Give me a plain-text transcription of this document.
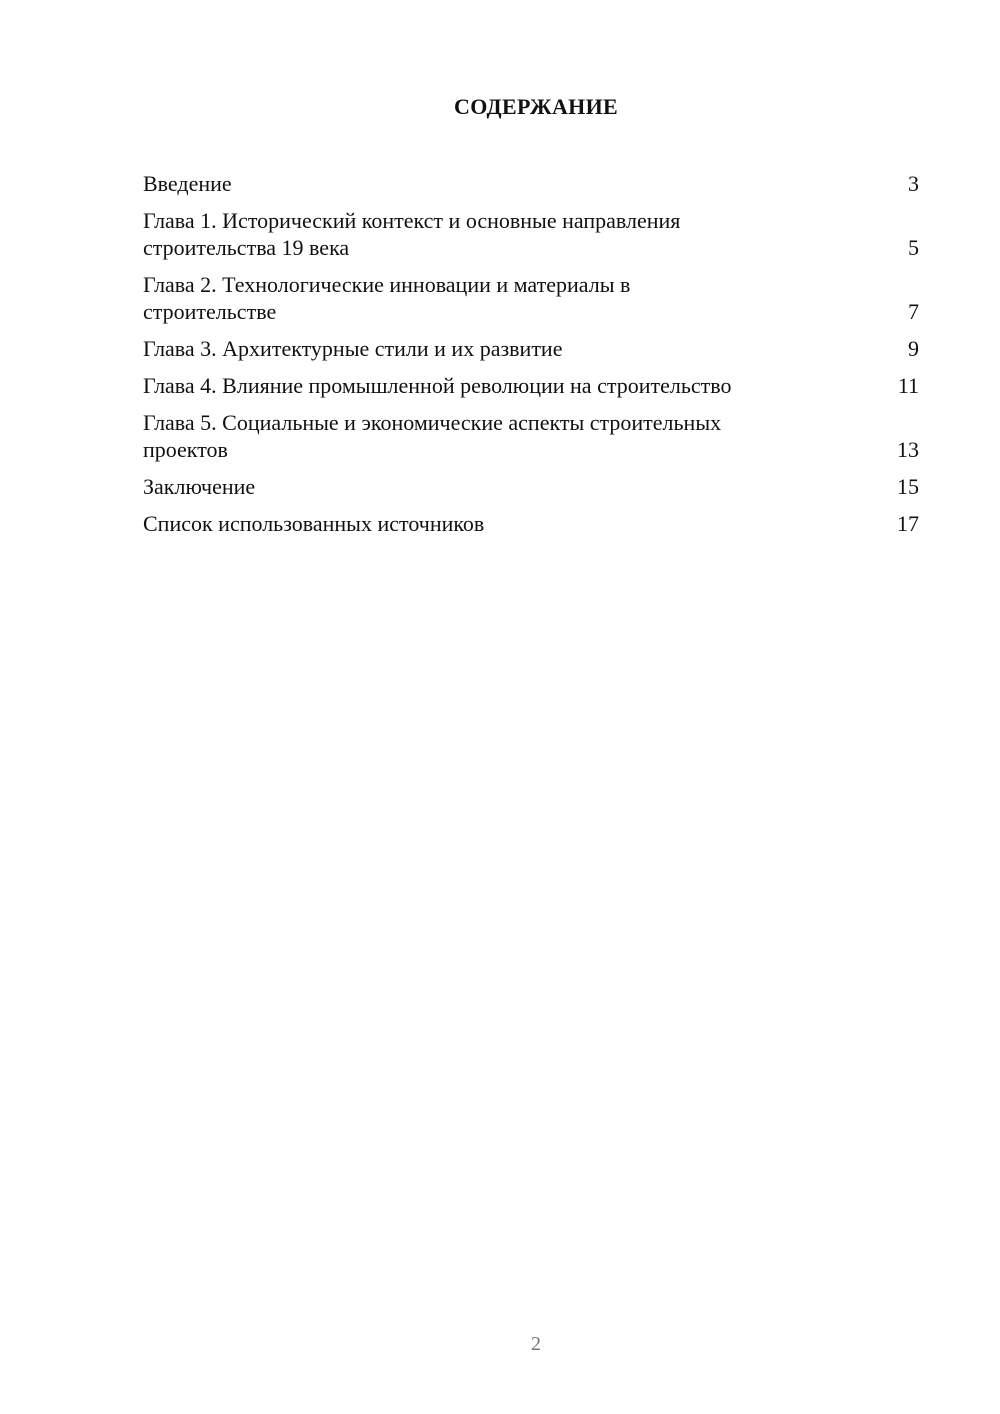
СОДЕРЖАНИЕ
Введение	3
Глава 1. Исторический контекст и основные направления
строительства 19 века	5
Глава 2. Технологические инновации и материалы в
строительстве	7
Глава 3. Архитектурные стили и их развитие	9
Глава 4. Влияние промышленной революции на строительство	11
Глава 5. Социальные и экономические аспекты строительных
проектов	13
Заключение	15
Список использованных источников	17
2
